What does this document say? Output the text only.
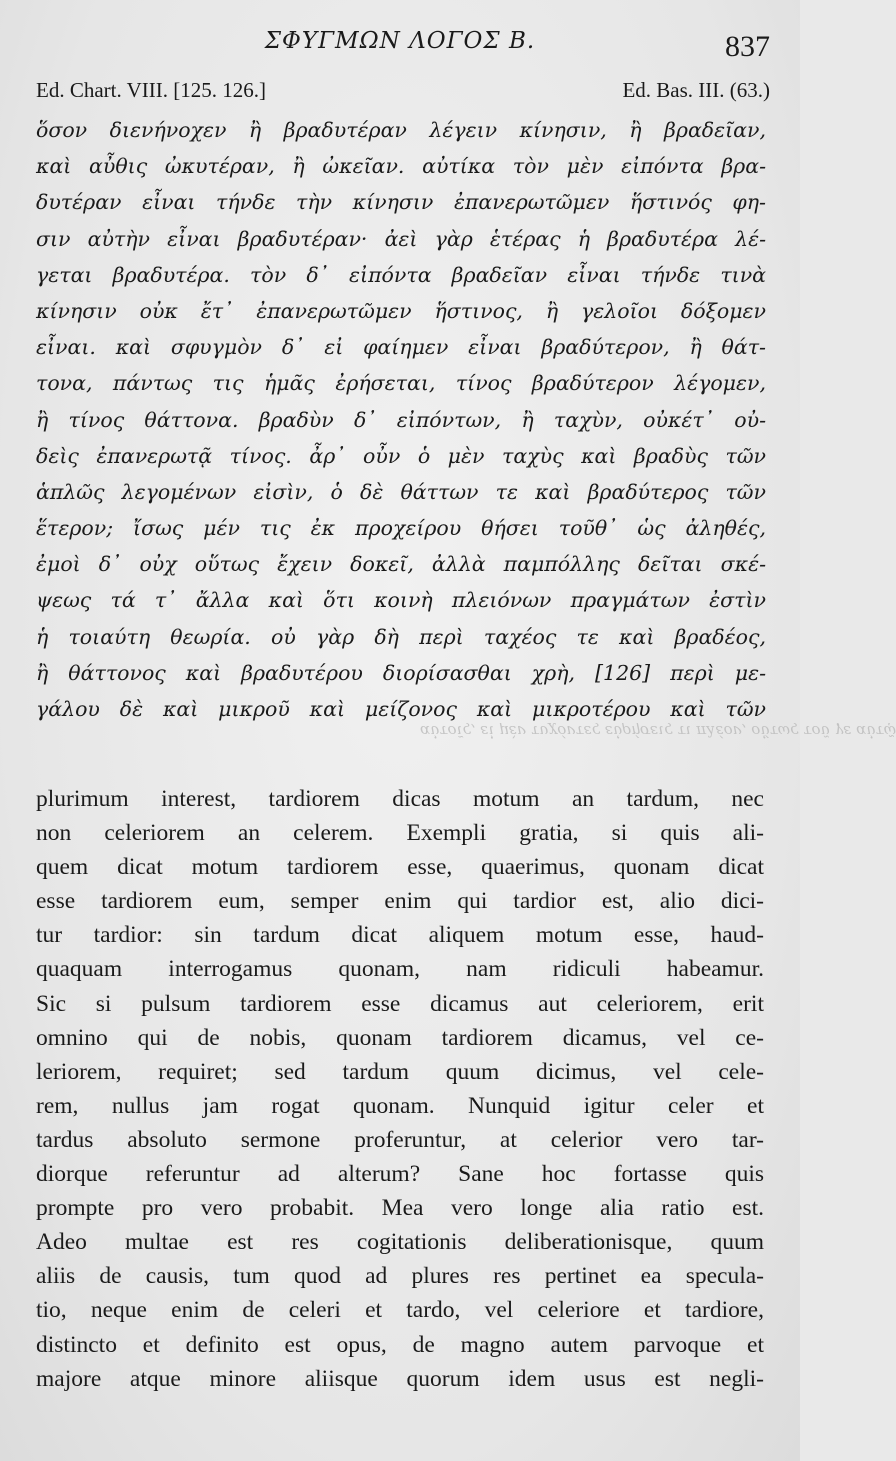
ΣΦΥΓΜΩΝ ΛΟΓΟΣ Β.	837
Ed. Chart. VIII. [125. 126.]	Ed. Bas. III. (63.)
ὅσον διενήνοχεν ἢ βραδυτέραν λέγειν κίνησιν, ἢ βραδεῖαν,
καὶ αὖθις ὠκυτέραν, ἢ ὠκεῖαν. αὐτίκα τὸν μὲν εἰπόντα βρα-
δυτέραν εἶναι τήνδε τὴν κίνησιν ἐπανερωτῶμεν ἥστινός φη-
σιν αὐτὴν εἶναι βραδυτέραν· ἀεὶ γὰρ ἑτέρας ἡ βραδυτέρα λέ-
γεται βραδυτέρα. τὸν δ᾽ εἰπόντα βραδεῖαν εἶναι τήνδε τινὰ
κίνησιν οὐκ ἔτ᾽ ἐπανερωτῶμεν ἥστινος, ἢ γελοῖοι δόξομεν
εἶναι. καὶ σφυγμὸν δ᾽ εἰ φαίημεν εἶναι βραδύτερον, ἢ θάτ-
τονα, πάντως τις ἡμᾶς ἐρήσεται, τίνος βραδύτερον λέγομεν,
ἢ τίνος θάττονα. βραδὺν δ᾽ εἰπόντων, ἢ ταχὺν, οὐκέτ᾽ οὐ-
δεὶς ἐπανερωτᾷ τίνος. ἆρ᾽ οὖν ὁ μὲν ταχὺς καὶ βραδὺς τῶν
ἁπλῶς λεγομένων εἰσὶν, ὁ δὲ θάττων τε καὶ βραδύτερος τῶν
ἕτερον; ἴσως μέν τις ἐκ προχείρου θήσει τοῦθ᾽ ὡς ἀληθές,
ἐμοὶ δ᾽ οὐχ οὕτως ἔχειν δοκεῖ, ἀλλὰ παμπόλλης δεῖται σκέ-
ψεως τά τ᾽ ἄλλα καὶ ὅτι κοινὴ πλειόνων πραγμάτων ἐστὶν
ἡ τοιαύτη θεωρία. οὐ γὰρ δὴ περὶ ταχέος τε καὶ βραδέος,
ἢ θάττονος καὶ βραδυτέρου διορίσασθαι χρὴ, [126] περὶ με-
γάλου δὲ καὶ μικροῦ καὶ μείζονος καὶ μικροτέρου καὶ τῶν
αὐτοῖς, εἰ μὲν τυχόντες εὑρήσεις τι πλέον, οὕτως τοῦ γε αὐτῷ
plurimum interest, tardiorem dicas motum an tardum, nec
non celeriorem an celerem. Exempli gratia, si quis ali-
quem dicat motum tardiorem esse, quaerimus, quonam dicat
esse tardiorem eum, semper enim qui tardior est, alio dici-
tur tardior: sin tardum dicat aliquem motum esse, haud-
quaquam interrogamus quonam, nam ridiculi habeamur.
Sic si pulsum tardiorem esse dicamus aut celeriorem, erit
omnino qui de nobis, quonam tardiorem dicamus, vel ce-
leriorem, requiret; sed tardum quum dicimus, vel cele-
rem, nullus jam rogat quonam. Nunquid igitur celer et
tardus absoluto sermone proferuntur, at celerior vero tar-
diorque referuntur ad alterum? Sane hoc fortasse quis
prompte pro vero probabit. Mea vero longe alia ratio est.
Adeo multae est res cogitationis deliberationisque, quum
aliis de causis, tum quod ad plures res pertinet ea specula-
tio, neque enim de celeri et tardo, vel celeriore et tardiore,
distincto et definito est opus, de magno autem parvoque et
majore atque minore aliisque quorum idem usus est negli-
